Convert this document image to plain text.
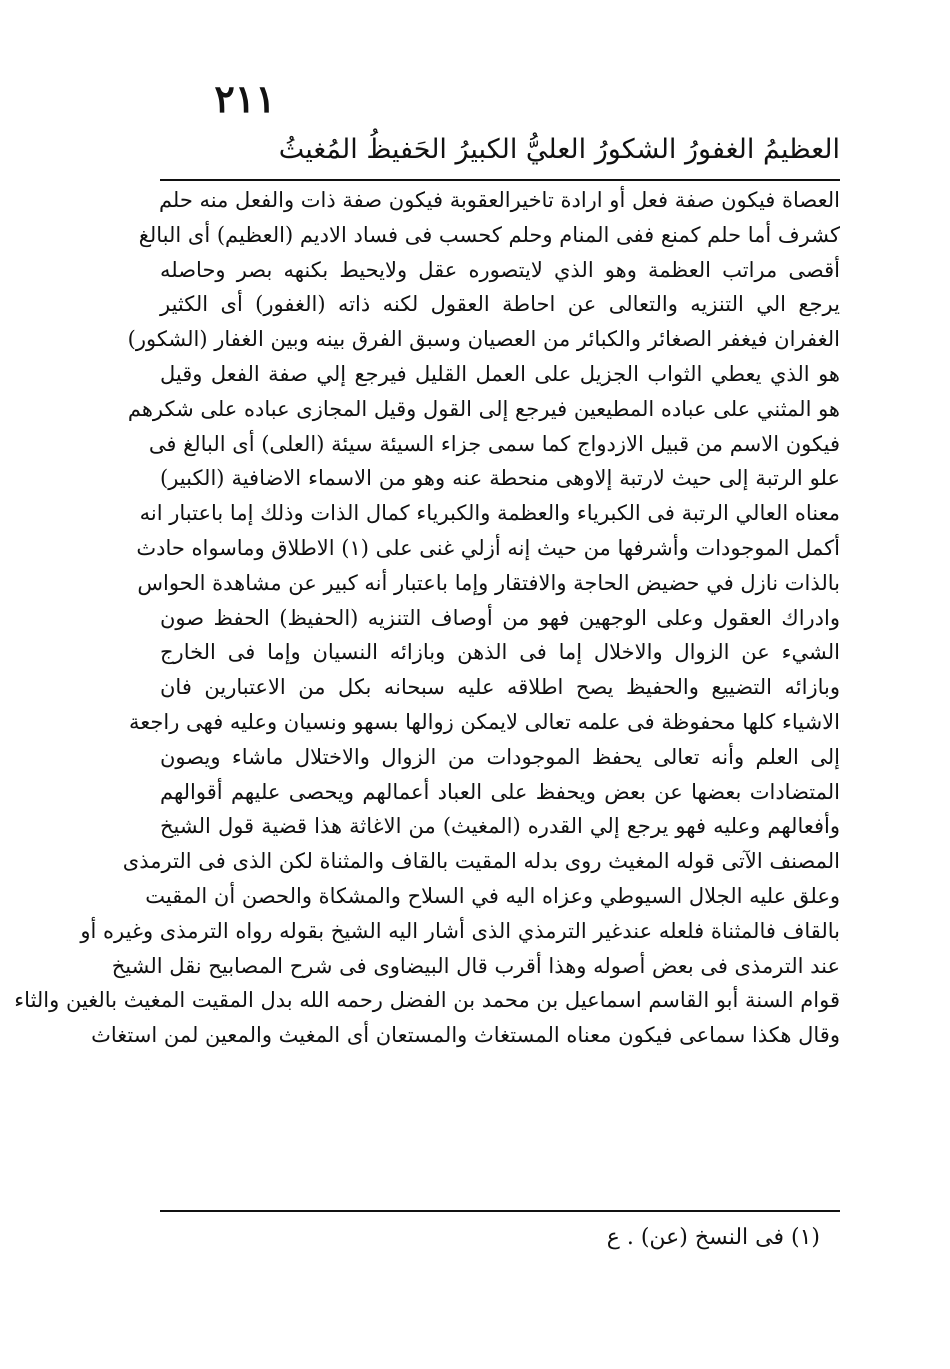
٢١١
العظيمُ الغفورُ الشكورُ العليُّ الكبيرُ الحَفيظُ المُغيثُ
العصاة فيكون صفة فعل أو ارادة تاخيرالعقوبة فيكون صفة ذات والفعل منه حلم
كشرف أما حلم كمنع ففى المنام وحلم كحسب فى فساد الاديم (العظيم) أى البالغ
أقصى مراتب العظمة وهو الذي لايتصوره عقل ولايحيط بكنهه بصر وحاصله
يرجع الي التنزيه والتعالى عن احاطة العقول لكنه ذاته (الغفور) أى الكثير
الغفران فيغفر الصغائر والكبائر من العصيان وسبق الفرق بينه وبين الغفار (الشكور)
هو الذي يعطي الثواب الجزيل على العمل القليل فيرجع إلي صفة الفعل وقيل
هو المثني على عباده المطيعين فيرجع إلى القول وقيل المجازى عباده على شكرهم
فيكون الاسم من قبيل الازدواج كما سمى جزاء السيئة سيئة (العلى) أى البالغ فى
علو الرتبة إلى حيث لارتبة إلاوهى منحطة عنه وهو من الاسماء الاضافية (الكبير)
معناه العالي الرتبة فى الكبرياء والعظمة والكبرياء كمال الذات وذلك إما باعتبار انه
أكمل الموجودات وأشرفها من حيث إنه أزلي غنى على (١) الاطلاق وماسواه حادث
بالذات نازل في حضيض الحاجة والافتقار وإما باعتبار أنه كبير عن مشاهدة الحواس
وادراك العقول وعلى الوجهين فهو من أوصاف التنزيه (الحفيظ) الحفظ صون
الشيء عن الزوال والاخلال إما فى الذهن وبازائه النسيان وإما فى الخارج
وبازائه التضييع والحفيظ يصح اطلاقه عليه سبحانه بكل من الاعتبارين فان
الاشياء كلها محفوظة فى علمه تعالى لايمكن زوالها بسهو ونسيان وعليه فهى راجعة
إلى العلم وأنه تعالى يحفظ الموجودات من الزوال والاختلال ماشاء ويصون
المتضادات بعضها عن بعض ويحفظ على العباد أعمالهم ويحصى عليهم أقوالهم
وأفعالهم وعليه فهو يرجع إلي القدره (المغيث) من الاغاثة هذا قضية قول الشيخ
المصنف الآتى قوله المغيث روى بدله المقيت بالقاف والمثناة لكن الذى فى الترمذى
وعلق عليه الجلال السيوطي وعزاه اليه في السلاح والمشكاة والحصن أن المقيت
بالقاف فالمثناة فلعله عندغير الترمذي الذى أشار اليه الشيخ بقوله رواه الترمذى وغيره أو
عند الترمذى فى بعض أصوله وهذا أقرب قال البيضاوى فى شرح المصابيح نقل الشيخ
قوام السنة أبو القاسم اسماعيل بن محمد بن الفضل رحمه الله بدل المقيت المغيث بالغين والثاء
وقال هكذا سماعى فيكون معناه المستغاث والمستعان أى المغيث والمعين لمن استغاث
(١) فى النسخ (عن) . ع
